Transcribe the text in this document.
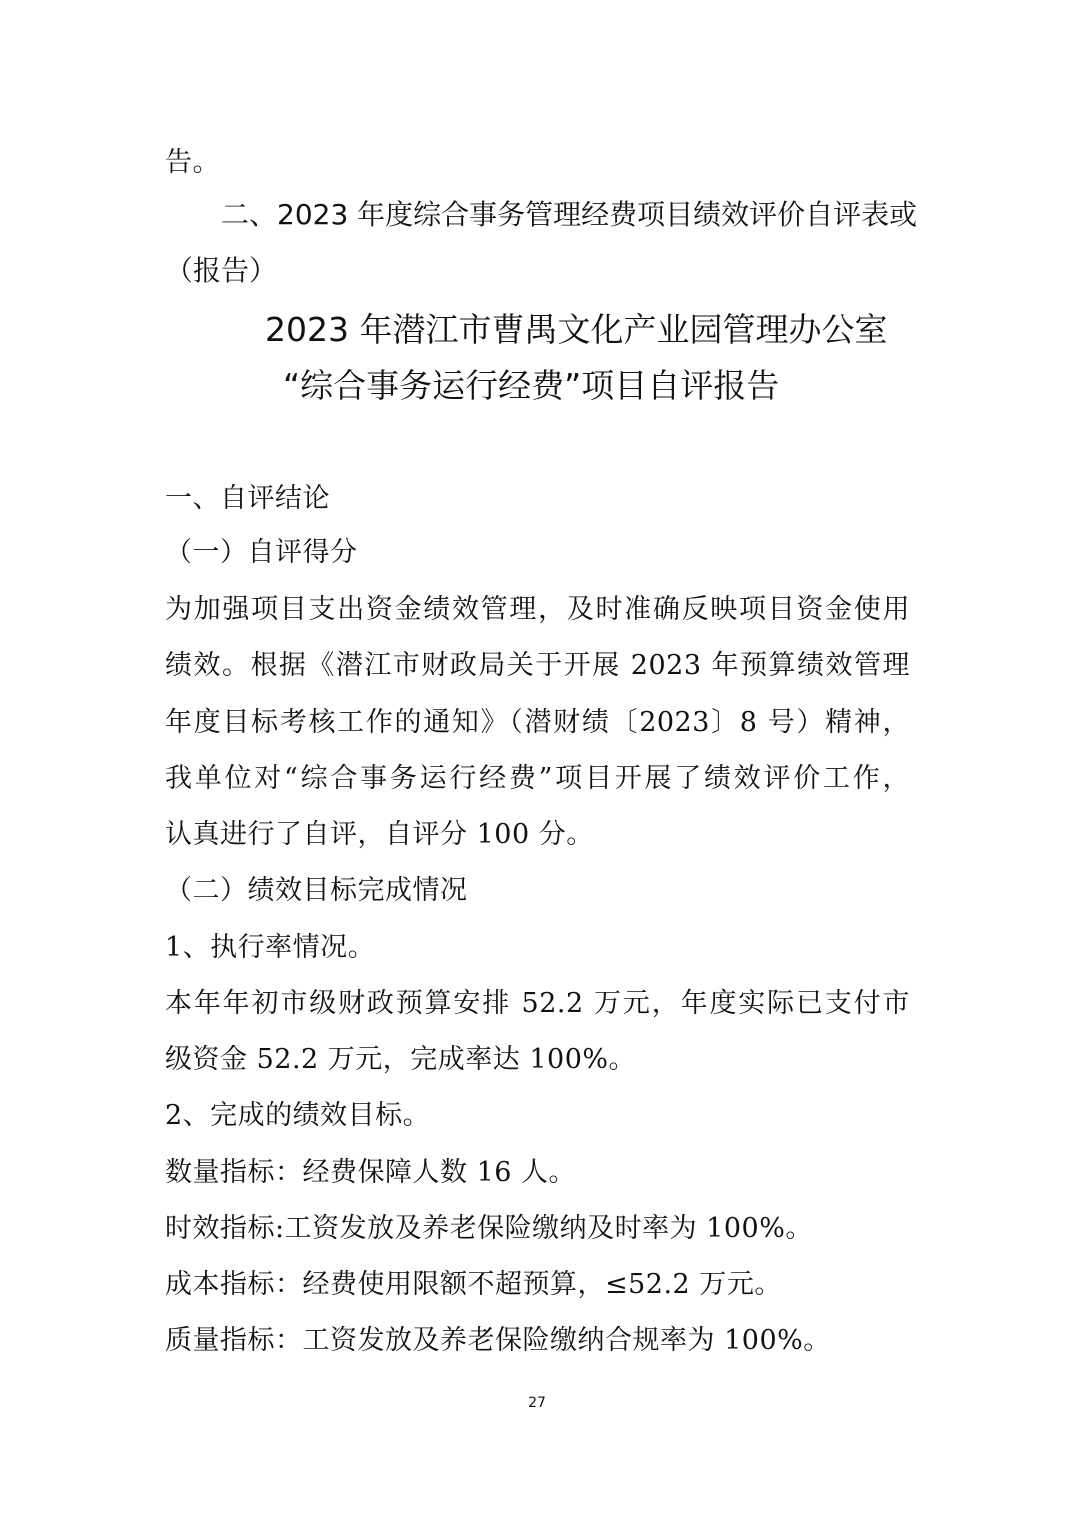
告。
二、2023 年度综合事务管理经费项目绩效评价自评表或
（报告）
2023 年潜江市曹禺文化产业园管理办公室
“综合事务运行经费”项目自评报告
一、自评结论
（一）自评得分
为加强项目支出资金绩效管理，及时准确反映项目资金使用
绩效。根据《潜江市财政局关于开展 2023 年预算绩效管理
年度目标考核工作的通知》（潜财绩〔2023〕8 号）精神，
我单位对“综合事务运行经费”项目开展了绩效评价工作，
认真进行了自评，自评分 100 分。
（二）绩效目标完成情况
1、执行率情况。
本年年初市级财政预算安排 52.2 万元，年度实际已支付市
级资金 52.2 万元，完成率达 100%。
2、完成的绩效目标。
数量指标：经费保障人数 16 人。
时效指标:工资发放及养老保险缴纳及时率为 100%。
成本指标：经费使用限额不超预算，≤52.2 万元。
质量指标：工资发放及养老保险缴纳合规率为 100%。
27
